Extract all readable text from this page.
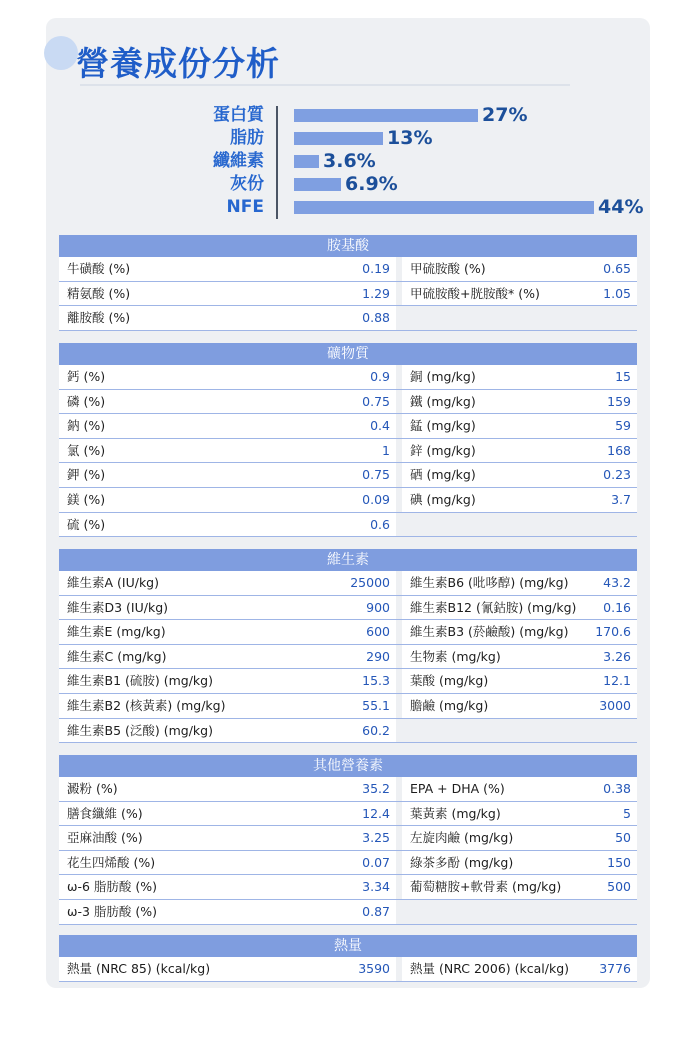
營養成份分析
蛋白質	27%
脂肪	13%
纖維素	3.6%
灰份	6.9%
NFE	44%
胺基酸
牛磺酸 (%)	0.19	甲硫胺酸 (%)	0.65
精氨酸 (%)	1.29	甲硫胺酸+胱胺酸* (%)	1.05
離胺酸 (%)	0.88
礦物質
鈣 (%)	0.9	銅 (mg/kg)	15
磷 (%)	0.75	鐵 (mg/kg)	159
鈉 (%)	0.4	錳 (mg/kg)	59
氯 (%)	1	鋅 (mg/kg)	168
鉀 (%)	0.75	硒 (mg/kg)	0.23
鎂 (%)	0.09	碘 (mg/kg)	3.7
硫 (%)	0.6
維生素
維生素A (IU/kg)	25000	維生素B6 (吡哆醇) (mg/kg)	43.2
維生素D3 (IU/kg)	900	維生素B12 (氰鈷胺) (mg/kg)	0.16
維生素E (mg/kg)	600	維生素B3 (菸鹼酸) (mg/kg)	170.6
維生素C (mg/kg)	290	生物素 (mg/kg)	3.26
維生素B1 (硫胺) (mg/kg)	15.3	葉酸 (mg/kg)	12.1
維生素B2 (核黃素) (mg/kg)	55.1	膽鹼 (mg/kg)	3000
維生素B5 (泛酸) (mg/kg)	60.2
其他營養素
澱粉 (%)	35.2	EPA + DHA (%)	0.38
膳食纖維 (%)	12.4	葉黃素 (mg/kg)	5
亞麻油酸 (%)	3.25	左旋肉鹼 (mg/kg)	50
花生四烯酸 (%)	0.07	綠茶多酚 (mg/kg)	150
ω-6 脂肪酸 (%)	3.34	葡萄糖胺+軟骨素 (mg/kg)	500
ω-3 脂肪酸 (%)	0.87
熱量
熱量 (NRC 85) (kcal/kg)	3590	熱量 (NRC 2006) (kcal/kg)	3776
